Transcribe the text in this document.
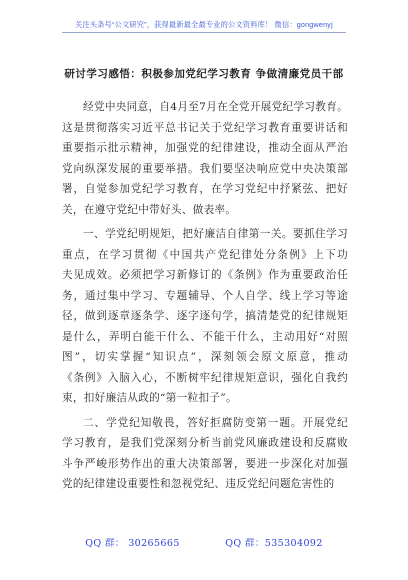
关注头条号“公文研究”，获得最新最全最专业的公文资料库！ 微信：gongwenyj
研讨学习感悟：积极参加党纪学习教育 争做清廉党员干部
经党中央同意，自4月至7月在全党开展党纪学习教育。
这是贯彻落实习近平总书记关于党纪学习教育重要讲话和
重要指示批示精神，加强党的纪律建设，推动全面从严治
党向纵深发展的重要举措。我们要坚决响应党中央决策部
署，自觉参加党纪学习教育，在学习党纪中抒紧弦、把好
关，在遵守党纪中带好头、做表率。
一、学党纪明规矩，把好廉洁自律第一关。要抓住学习
重点，在学习贯彻《中国共产党纪律处分条例》上下功
夫见成效。必须把学习新修订的《条例》作为重要政治任
务，通过集中学习、专题辅导、个人自学、线上学习等途
径，做到逐章逐条学、逐字逐句学，搞清楚党的纪律规矩
是什么，弄明白能干什么、不能干什么，主动用好“对照
图”，切实掌握“知识点”，深刻领会原文原意，推动
《条例》入脑入心，不断树牢纪律规矩意识，强化自我约
束，扣好廉洁从政的“第一粒扣子”。
二、学党纪知敬畏，答好拒腐防变第一题。开展党纪
学习教育，是我们党深刻分析当前党风廉政建设和反腐败
斗争严峻形势作出的重大决策部署，要进一步深化对加强
党的纪律建设重要性和忽视党纪、违反党纪问题危害性的
QQ 群： 30265665	QQ 群：535304092
